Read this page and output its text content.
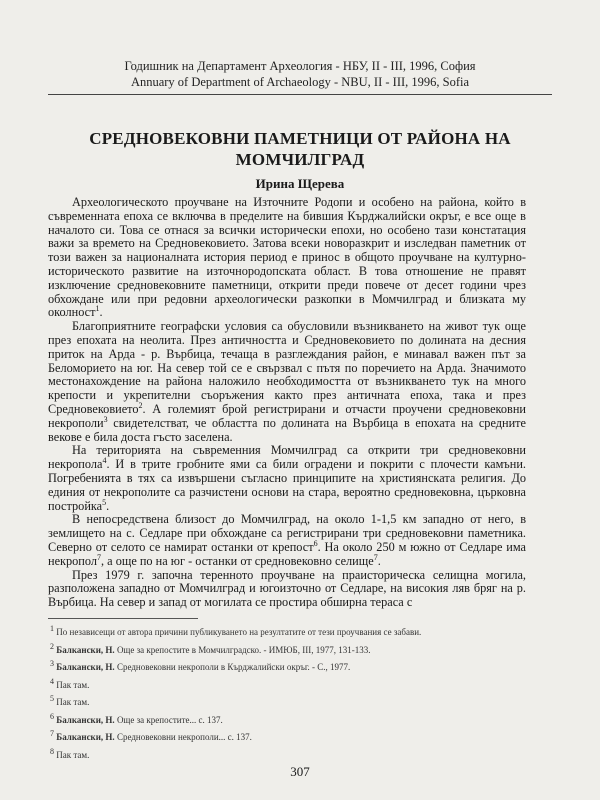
Годишник на Департамент Археология - НБУ, II - III, 1996, София
Annuary of Department of Archaeology - NBU, II - III, 1996, Sofia
СРЕДНОВЕКОВНИ ПАМЕТНИЦИ ОТ РАЙОНА НА МОМЧИЛГРАД
Ирина Щерева

Археологическото проучване на Източните Родопи и особено на района, който в съвременната епоха се включва в пределите на бившия Кърджалийски окръг, е все още в началото си. Това се отнася за всички исторически епохи, но особено тази констатация важи за времето на Средновековието. Затова всеки новоразкрит и изследван паметник от този важен за националната история период е принос в общото проучване на културно-историческото развитие на източнородопската област. В това отношение не правят изключение средновековните паметници, открити преди повече от десет години чрез обхождане или при редовни археологически разкопки в Момчилград и близката му околност$^1$.

Благоприятните географски условия са обусловили възникването на живот тук още през епохата на неолита. През античността и Средновековието по долината на десния приток на Арда - р. Върбица, течаща в разглеждания район, е минавал важен път за Беломорието на юг. На север той се е свързвал с пътя по поречието на Арда. Значимото местонахождение на района наложило необходимостта от възникването тук на много крепости и укрепителни съоръжения както през античната епоха, така и през Средновековието$^2$. А големият брой регистрирани и отчасти проучени средновековни некрополи$^3$ свидетелстват, че областта по долината на Върбица в епохата на средните векове е била доста гъсто заселена.

На територията на съвременния Момчилград са открити три средновековни некропола$^4$. И в трите гробните ями са били оградени и покрити с плочести камъни. Погребенията в тях са извършени съгласно принципите на християнската религия. До единия от некрополите са разчистени основи на стара, вероятно средновековна, църковна постройка$^5$.

В непосредствена близост до Момчилград, на около 1-1,5 км западно от него, в землището на с. Седларе при обхождане са регистрирани три средновековни паметника. Северно от селото се намират останки от крепост$^6$. На около 250 м южно от Седларе има некропол$^7$, а още по на юг - останки от средновековно селище$^7$.

През 1979 г. започна теренното проучване на праисторическа селищна могила, разположена западно от Момчилград и югоизточно от Седларе, на високия ляв бряг на р. Върбица. На север и запад от могилата се простира обширна тераса с

$^1$ По независещи от автора причини публикуването на резултатите от тези проучвания се забави.
$^2$ Балкански, Н. Още за крепостите в Момчилградско. - ИМЮБ, III, 1977, 131-133.
$^3$ Балкански, Н. Средновековни некрополи в Кърджалийски окръг. - С., 1977.
$^4$ Пак там.
$^5$ Пак там.
$^6$ Балкански, Н. Още за крепостите... с. 137.
$^7$ Балкански, Н. Средновековни некрополи... с. 137.
$^8$ Пак там.
307
